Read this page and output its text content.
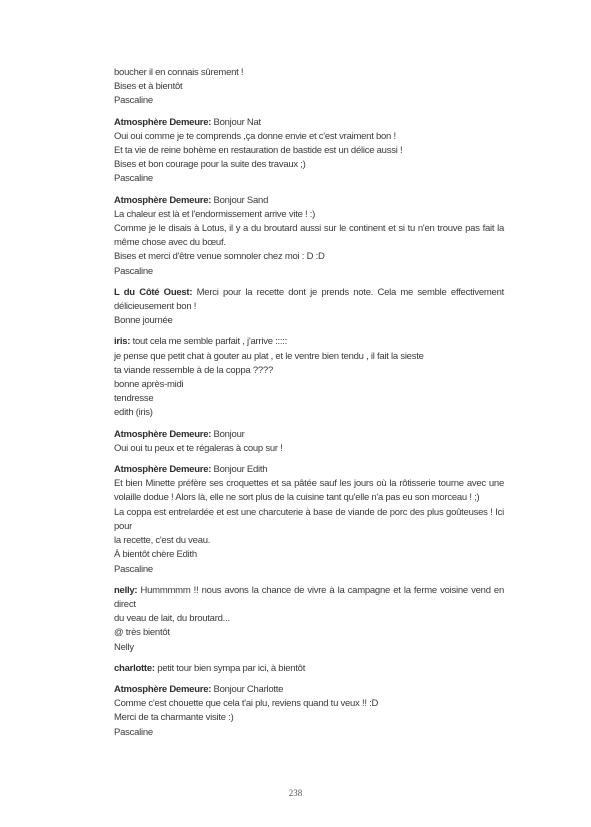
boucher il en connais sûrement !
Bises et à bientôt
Pascaline
Atmosphère Demeure: Bonjour Nat
Oui oui comme je te comprends ,ça donne envie et c'est vraiment bon !
Et ta vie de reine bohème en restauration de bastide est un délice aussi !
Bises et bon courage pour la suite des travaux ;)
Pascaline
Atmosphère Demeure: Bonjour Sand
La chaleur est là et l'endormissement arrive vite ! :)
Comme je le disais à Lotus, il y a du broutard aussi sur le continent et si tu n'en trouve pas fait la
même chose avec du bœuf.
Bises et merci d'être venue somnoler chez moi : D :D
Pascaline
L du Côté Ouest: Merci pour la recette dont je prends note. Cela me semble effectivement
délicieusement bon !
Bonne journée
iris: tout cela me semble parfait , j'arrive :::::
je pense que petit chat à gouter au plat , et le ventre bien tendu , il fait la sieste
ta viande ressemble à de la coppa ????
bonne après-midi
tendresse
edith (iris)
Atmosphère Demeure: Bonjour
Oui oui tu peux et te régaleras à coup sur !
Atmosphère Demeure: Bonjour Edith
Et bien Minette préfère ses croquettes et sa pâtée sauf les jours où la rôtisserie tourne avec une
volaille dodue ! Alors là, elle ne sort plus de la cuisine tant qu'elle n'a pas eu son morceau ! ;)
La coppa est entrelardée et est une charcuterie à base de viande de porc des plus goûteuses ! Ici pour
la recette, c'est du veau.
À bientôt chère Edith
Pascaline
nelly: Hummmmm !! nous avons la chance de vivre à la campagne et la ferme voisine vend en direct
du veau de lait, du broutard...
@ très bientôt
Nelly
charlotte: petit tour bien sympa par ici, à bientôt
Atmosphère Demeure: Bonjour Charlotte
Comme c'est chouette que cela t'ai plu, reviens quand tu veux !! :D
Merci de ta charmante visite :)
Pascaline
238
